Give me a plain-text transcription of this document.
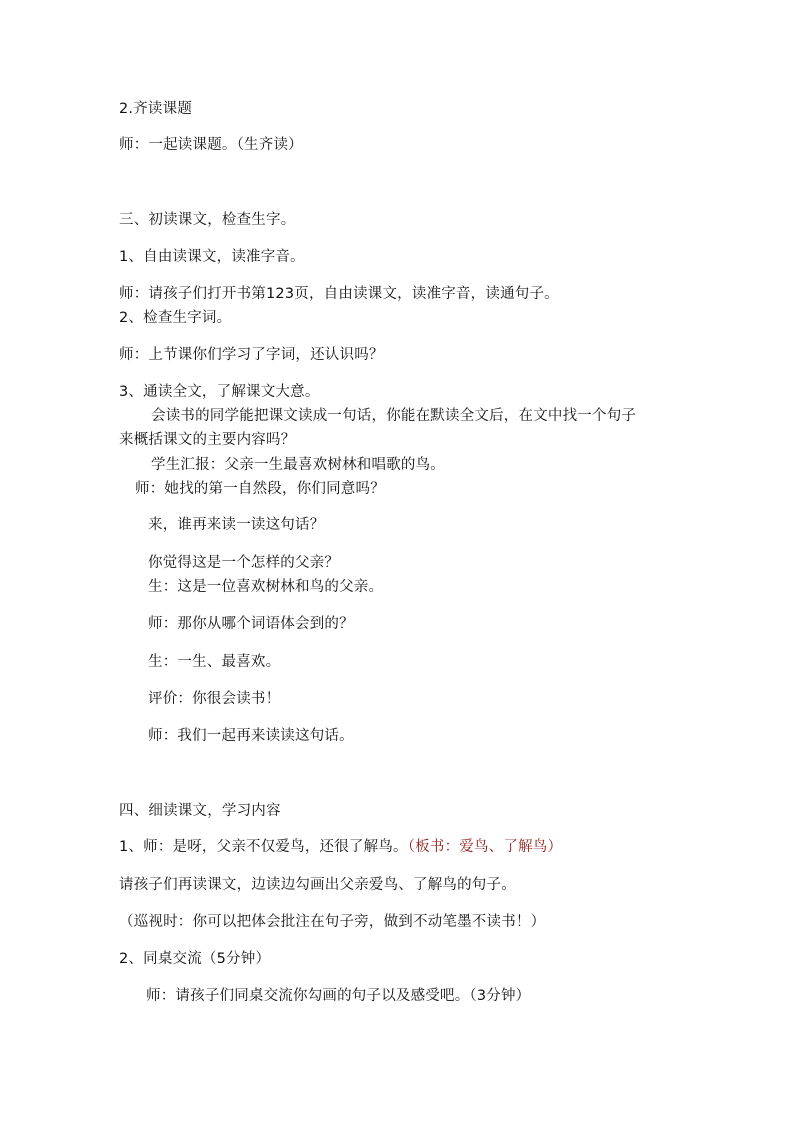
2.齐读课题
师：一起读课题。（生齐读）
三、初读课文，检查生字。
1、自由读课文，读准字音。
师：请孩子们打开书第123页，自由读课文，读准字音，读通句子。
2、检查生字词。
师：上节课你们学习了字词，还认识吗？
3、通读全文，了解课文大意。
会读书的同学能把课文读成一句话，你能在默读全文后，在文中找一个句子
来概括课文的主要内容吗？
学生汇报：父亲一生最喜欢树林和唱歌的鸟。
师：她找的第一自然段，你们同意吗？
来，谁再来读一读这句话？
你觉得这是一个怎样的父亲？
生：这是一位喜欢树林和鸟的父亲。
师：那你从哪个词语体会到的？
生：一生、最喜欢。
评价：你很会读书！
师：我们一起再来读读这句话。
四、细读课文，学习内容
1、师：是呀，父亲不仅爱鸟，还很了解鸟。（板书：爱鸟、了解鸟）
请孩子们再读课文，边读边勾画出父亲爱鸟、了解鸟的句子。
（巡视时：你可以把体会批注在句子旁，做到不动笔墨不读书！）
2、同桌交流（5分钟）
师：请孩子们同桌交流你勾画的句子以及感受吧。（3分钟）
